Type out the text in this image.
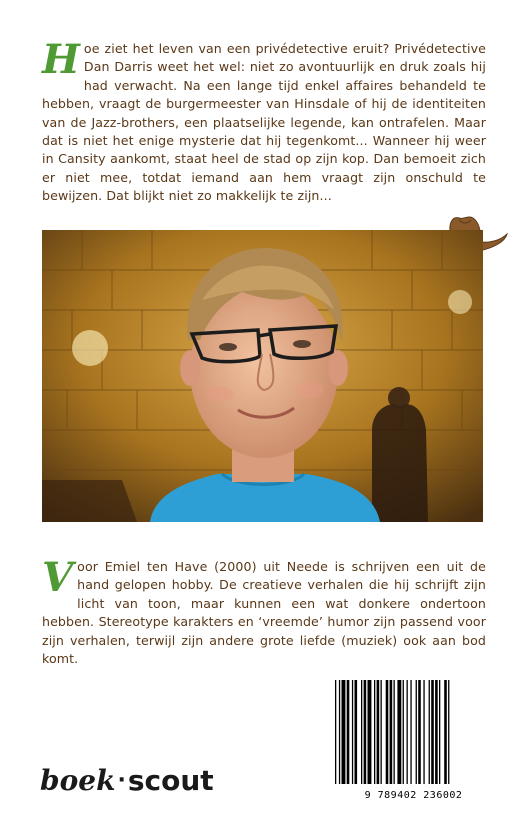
Hoe ziet het leven van een privédetective eruit? Privédetective Dan Darris weet het wel: niet zo avontuurlijk en druk zoals hij had verwacht. Na een lange tijd enkel affaires behandeld te hebben, vraagt de burgermeester van Hinsdale of hij de identiteiten van de Jazz-brothers, een plaatselijke legende, kan ontrafelen. Maar dat is niet het enige mysterie dat hij tegenkomt... Wanneer hij weer in Cansity aankomt, staat heel de stad op zijn kop. Dan bemoeit zich er niet mee, totdat iemand aan hem vraagt zijn onschuld te bewijzen. Dat blijkt niet zo makkelijk te zijn...

Voor Emiel ten Have (2000) uit Neede is schrijven een uit de hand gelopen hobby. De creatieve verhalen die hij schrijft zijn licht van toon, maar kunnen een wat donkere ondertoon hebben. Stereotype karakters en ‘vreemde’ humor zijn passend voor zijn verhalen, terwijl zijn andere grote liefde (muziek) ook aan bod komt.

9 789402 236002
boek·scout
